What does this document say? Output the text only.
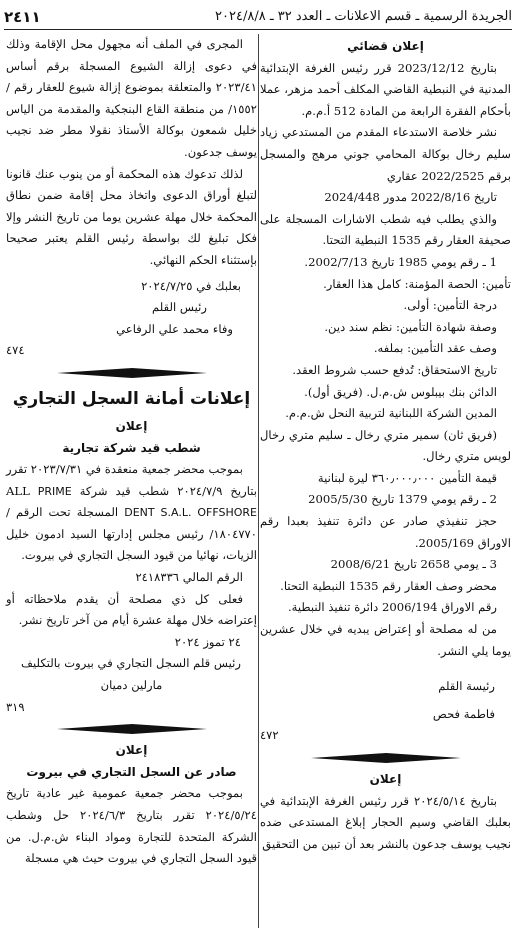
الجريدة الرسمية ـ قسم الاعلانات ـ العدد ٣٢ ـ ٢٠٢٤/٨/٨
٢٤١١
إعلان قضائي
بتاريخ 2023/12/12 قرر رئيس الغرفة الإبتدائية المدنية في النبطية القاضي المكلف أحمد مزهر، عملا بأحكام الفقرة الرابعة من المادة 512 أ.م.م.
نشر خلاصة الاستدعاء المقدم من المستدعي زياد سليم رخال بوكالة المحامي جوني مرهج والمسجل برقم 2022/2525 عقاري
تاريخ 2022/8/16 مدور 2024/448
والذي يطلب فيه شطب الاشارات المسجلة على صحيفة العقار رقم 1535 النبطية التحتا.
1 ـ رقم يومي 1985 تاريخ 2002/7/13.
تأمين: الحصة المؤمنة: كامل هذا العقار.
درجة التأمين: أولى.
وصفة شهادة التأمين: نظم سند دين.
وصف عقد التأمين: بملفه.
تاريخ الاستحقاق: تُدفع حسب شروط العقد.
الدائن بنك بيبلوس ش.م.ل. (فريق أول).
المدين الشركة اللبنانية لتربية النحل ش.م.م.
(فريق ثان) سمير متري رخال ـ سليم متري رخال لويس متري رخال.
قيمة التأمين ٣٦٠٫٠٠٠٫٠٠٠ ليرة لبنانية
2 ـ رقم يومي 1379 تاريخ 2005/5/30
حجز تنفيذي صادر عن دائرة تنفيذ بعبدا رقم الاوراق 2005/169.
3 ـ يومي 2658 تاريخ 2008/6/21
محضر وصف العقار رقم 1535 النبطية التحتا.
رقم الاوراق 2006/194 دائرة تنفيذ النبطية.
من له مصلحة أو إعتراض يبديه في خلال عشرين يوما يلي النشر.
رئيسة القلم
فاطمة فحص
٤٧٢
إعلان
بتاريخ ٢٠٢٤/٥/١٤ قرر رئيس الغرفة الإبتدائية في بعلبك القاضي وسيم الحجار إبلاغ المستدعى ضده نجيب يوسف جدعون بالنشر بعد أن تبين من التحقيق
المجرى في الملف أنه مجهول محل الإقامة وذلك في دعوى إزالة الشيوع المسجلة برقم أساس ٢٠٢٣/٤١ والمتعلقة بموضوع إزالة شيوع للعقار رقم /١٥٥٢/ من منطقة القاع البنجكية والمقدمة من الياس خليل شمعون بوكالة الأستاذ نقولا مطر ضد نجيب يوسف جدعون.
لذلك تدعوك هذه المحكمة أو من ينوب عنك قانونا لتبلغ أوراق الدعوى واتخاذ محل إقامة ضمن نطاق المحكمة خلال مهلة عشرين يوما من تاريخ النشر وإلا فكل تبليغ لك بواسطة رئيس القلم يعتبر صحيحا بإستثناء الحكم النهائي.
بعلبك في ٢٠٢٤/٧/٢٥
رئيس القلم
وفاء محمد علي الرفاعي
٤٧٤
إعلانات أمانة السجل التجاري
إعلان
شطب قيد شركة تجارية
بموجب محضر جمعية منعقدة في ٢٠٢٣/٧/٣١ تقرر بتاريخ ٢٠٢٤/٧/٩ شطب قيد شركة ALL PRIME DENT S.A.L. OFFSHORE المسجلة تحت الرقم /١٨٠٤٧٧٠/ رئيس مجلس إدارتها السيد ادمون خليل الزيات، نهائيا من قيود السجل التجاري في بيروت.
الرقم المالي ٢٤١٨٣٣٦
فعلى كل ذي مصلحة أن يقدم ملاحظاته أو إعتراضه خلال مهلة عشرة أيام من آخر تاريخ نشر.
٢٤ تموز ٢٠٢٤
رئيس قلم السجل التجاري في بيروت بالتكليف
مارلين دميان
٣١٩
إعلان
صادر عن السجل التجاري في بيروت
بموجب محضر جمعية عمومية غير عادية تاريخ ٢٠٢٤/٥/٢٤ تقرر بتاريخ ٢٠٢٤/٦/٣ حل وشطب الشركة المتحدة للتجارة ومواد البناء ش.م.ل. من قيود السجل التجاري في بيروت حيث هي مسجلة
